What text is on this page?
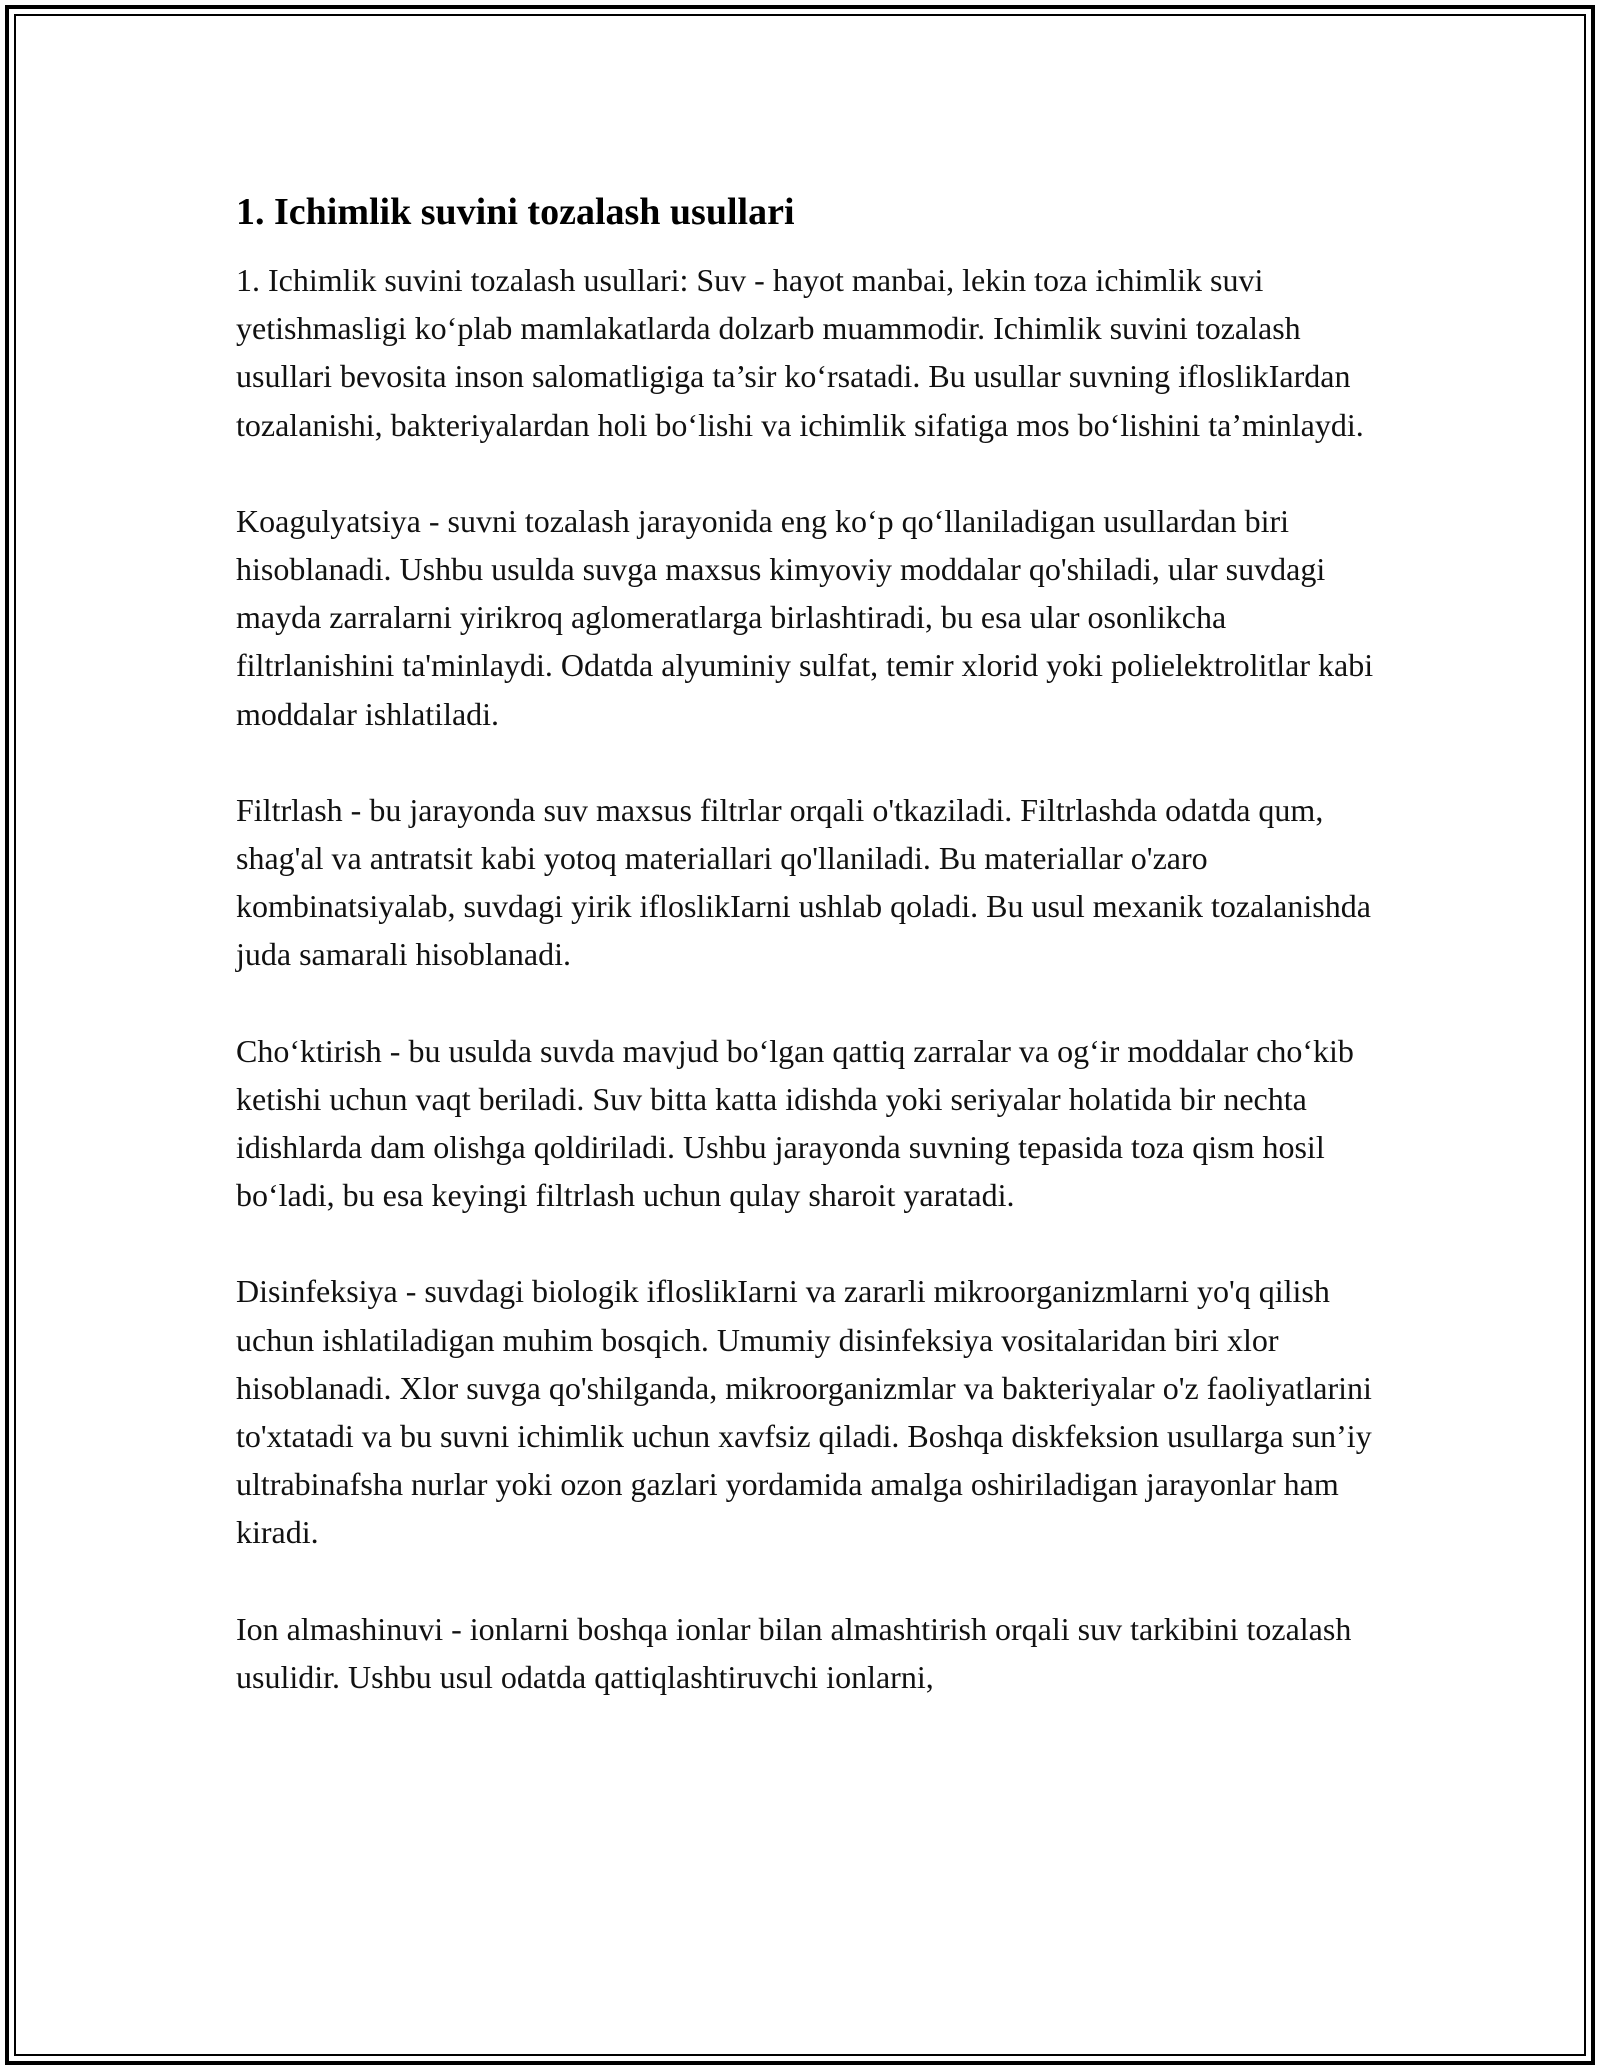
1. Ichimlik suvini tozalash usullari

1. Ichimlik suvini tozalash usullari: Suv - hayot manbai, lekin toza ichimlik suvi yetishmasligi ko‘plab mamlakatlarda dolzarb muammodir. Ichimlik suvini tozalash usullari bevosita inson salomatligiga ta’sir ko‘rsatadi. Bu usullar suvning ifloslikIardan tozalanishi, bakteriyalardan holi bo‘lishi va ichimlik sifatiga mos bo‘lishini ta’minlaydi.

Koagulyatsiya - suvni tozalash jarayonida eng ko‘p qo‘llaniladigan usullardan biri hisoblanadi. Ushbu usulda suvga maxsus kimyoviy moddalar qo'shiladi, ular suvdagi mayda zarralarni yirikroq aglomeratlarga birlashtiradi, bu esa ular osonlikcha filtrlanishini ta'minlaydi. Odatda alyuminiy sulfat, temir xlorid yoki polielektrolitlar kabi moddalar ishlatiladi.

Filtrlash - bu jarayonda suv maxsus filtrlar orqali o'tkaziladi. Filtrlashda odatda qum, shag'al va antratsit kabi yotoq materiallari qo'llaniladi. Bu materiallar o'zaro kombinatsiyalab, suvdagi yirik ifloslikIarni ushlab qoladi. Bu usul mexanik tozalanishda juda samarali hisoblanadi.

Cho‘ktirish - bu usulda suvda mavjud bo‘lgan qattiq zarralar va og‘ir moddalar cho‘kib ketishi uchun vaqt beriladi. Suv bitta katta idishda yoki seriyalar holatida bir nechta idishlarda dam olishga qoldiriladi. Ushbu jarayonda suvning tepasida toza qism hosil bo‘ladi, bu esa keyingi filtrlash uchun qulay sharoit yaratadi.

Disinfeksiya - suvdagi biologik ifloslikIarni va zararli mikroorganizmlarni yo'q qilish uchun ishlatiladigan muhim bosqich. Umumiy disinfeksiya vositalaridan biri xlor hisoblanadi. Xlor suvga qo'shilganda, mikroorganizmlar va bakteriyalar o'z faoliyatlarini to'xtatadi va bu suvni ichimlik uchun xavfsiz qiladi. Boshqa diskfeksion usullarga sun’iy ultrabinafsha nurlar yoki ozon gazlari yordamida amalga oshiriladigan jarayonlar ham kiradi.

Ion almashinuvi - ionlarni boshqa ionlar bilan almashtirish orqali suv tarkibini tozalash usulidir. Ushbu usul odatda qattiqlashtiruvchi ionlarni,
